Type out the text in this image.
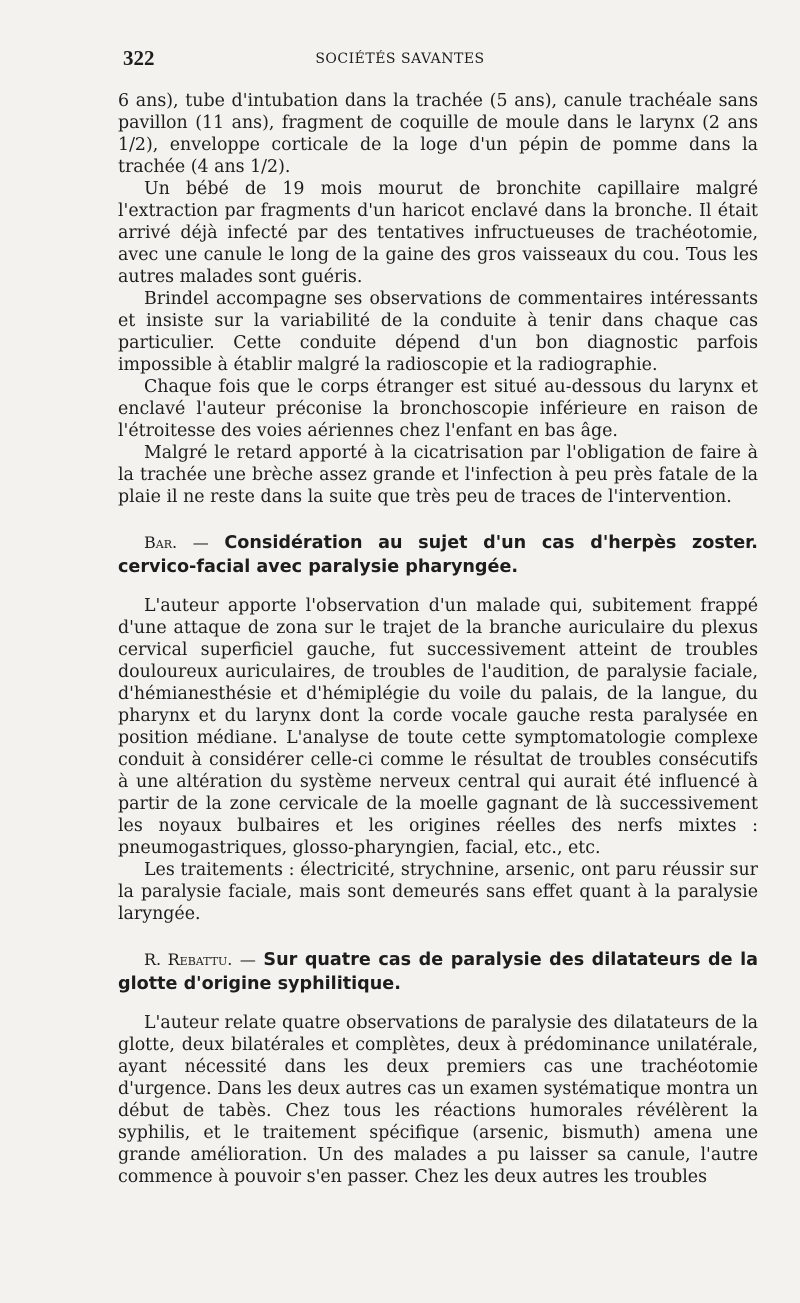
322	SOCIÉTÉS SAVANTES

6 ans), tube d'intubation dans la trachée (5 ans), canule trachéale sans pavillon (11 ans), fragment de coquille de moule dans le larynx (2 ans 1/2), enveloppe corticale de la loge d'un pépin de pomme dans la trachée (4 ans 1/2).

Un bébé de 19 mois mourut de bronchite capillaire malgré l'extraction par fragments d'un haricot enclavé dans la bronche. Il était arrivé déjà infecté par des tentatives infructueuses de trachéotomie, avec une canule le long de la gaine des gros vaisseaux du cou. Tous les autres malades sont guéris.

Brindel accompagne ses observations de commentaires intéressants et insiste sur la variabilité de la conduite à tenir dans chaque cas particulier. Cette conduite dépend d'un bon diagnostic parfois impossible à établir malgré la radioscopie et la radiographie.

Chaque fois que le corps étranger est situé au-dessous du larynx et enclavé l'auteur préconise la bronchoscopie inférieure en raison de l'étroitesse des voies aériennes chez l'enfant en bas âge.

Malgré le retard apporté à la cicatrisation par l'obligation de faire à la trachée une brèche assez grande et l'infection à peu près fatale de la plaie il ne reste dans la suite que très peu de traces de l'intervention.

Bar. — Considération au sujet d'un cas d'herpès zoster. cervico-facial avec paralysie pharyngée.

L'auteur apporte l'observation d'un malade qui, subitement frappé d'une attaque de zona sur le trajet de la branche auriculaire du plexus cervical superficiel gauche, fut successivement atteint de troubles douloureux auriculaires, de troubles de l'audition, de paralysie faciale, d'hémianesthésie et d'hémiplégie du voile du palais, de la langue, du pharynx et du larynx dont la corde vocale gauche resta paralysée en position médiane. L'analyse de toute cette symptomatologie complexe conduit à considérer celle-ci comme le résultat de troubles consécutifs à une altération du système nerveux central qui aurait été influencé à partir de la zone cervicale de la moelle gagnant de là successivement les noyaux bulbaires et les origines réelles des nerfs mixtes : pneumogastriques, glosso-pharyngien, facial, etc., etc.

Les traitements : électricité, strychnine, arsenic, ont paru réussir sur la paralysie faciale, mais sont demeurés sans effet quant à la paralysie laryngée.

R. Rebattu. — Sur quatre cas de paralysie des dilatateurs de la glotte d'origine syphilitique.

L'auteur relate quatre observations de paralysie des dilatateurs de la glotte, deux bilatérales et complètes, deux à prédominance unilatérale, ayant nécessité dans les deux premiers cas une trachéotomie d'urgence. Dans les deux autres cas un examen systématique montra un début de tabès. Chez tous les réactions humorales révélèrent la syphilis, et le traitement spécifique (arsenic, bismuth) amena une grande amélioration. Un des malades a pu laisser sa canule, l'autre commence à pouvoir s'en passer. Chez les deux autres les troubles
